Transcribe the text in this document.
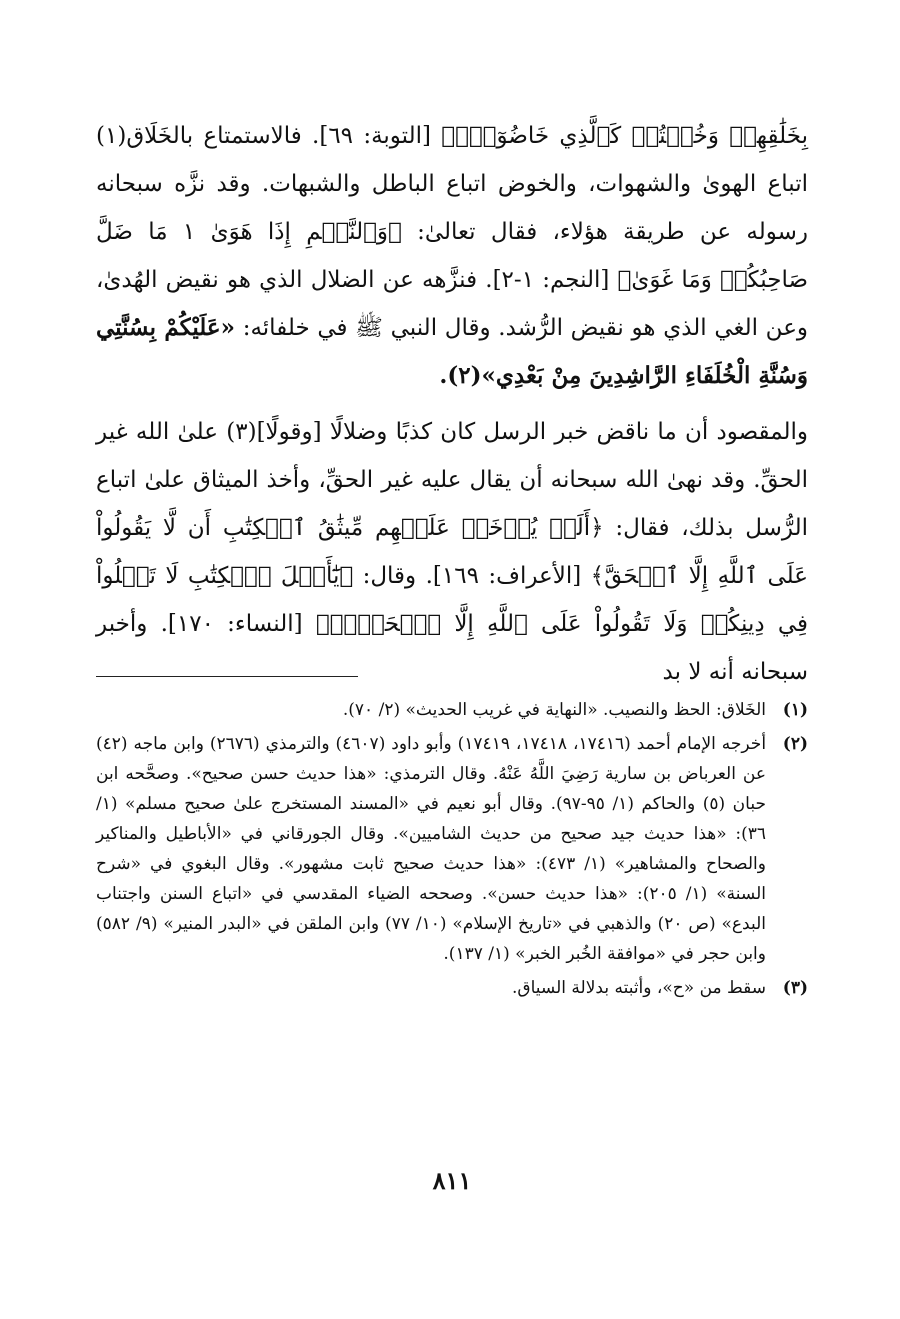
بِخَلَٰقِهِمۡ وَخُضۡتُمۡ كَٱلَّذِي خَاضُوٓاْۚ﴾ [التوبة: ٦٩]. فالاستمتاع بالخَلَاق(١) اتباع الهوىٰ والشهوات، والخوض اتباع الباطل والشبهات. وقد نزَّه سبحانه رسوله عن طريقة هؤلاء، فقال تعالىٰ: ﴿وَٱلنَّجۡمِ إِذَا هَوَىٰ ١ مَا ضَلَّ صَاحِبُكُمۡ وَمَا غَوَىٰ﴾ [النجم: ١-٢]. فنزَّهه عن الضلال الذي هو نقيض الهُدىٰ، وعن الغي الذي هو نقيض الرُّشد. وقال النبي ﷺ في خلفائه: «عَلَيْكُمْ بِسُنَّتِي وَسُنَّةِ الْخُلَفَاءِ الرَّاشِدِينَ مِنْ بَعْدِي»(٢).

والمقصود أن ما ناقض خبر الرسل كان كذبًا وضلالًا [وقولًا](٣) علىٰ الله غير الحقِّ. وقد نهىٰ الله سبحانه أن يقال عليه غير الحقِّ، وأخذ الميثاق علىٰ اتباع الرُّسل بذلك، فقال: ﴿أَلَمۡ يُؤۡخَذۡ عَلَيۡهِم مِّيثَٰقُ ٱلۡكِتَٰبِ أَن لَّا يَقُولُواْ عَلَى ٱللَّهِ إِلَّا ٱلۡحَقَّ﴾ [الأعراف: ١٦٩]. وقال: ﴿يَٰٓأَهۡلَ ٱلۡكِتَٰبِ لَا تَغۡلُواْ فِي دِينِكُمۡ وَلَا تَقُولُواْ عَلَى ٱللَّهِ إِلَّا ٱلۡحَقَّۚ﴾ [النساء: ١٧٠]. وأخبر سبحانه أنه لا بد

(١)
الخَلاق: الحظ والنصيب. «النهاية في غريب الحديث» (٢/ ٧٠).
(٢)
أخرجه الإمام أحمد (١٧٤١٦، ١٧٤١٨، ١٧٤١٩) وأبو داود (٤٦٠٧) والترمذي (٢٦٧٦) وابن ماجه (٤٢) عن العرباض بن سارية رَضِيَ اللَّهُ عَنْهُ. وقال الترمذي: «هذا حديث حسن صحيح». وصحَّحه ابن حبان (٥) والحاكم (١/ ٩٥-٩٧). وقال أبو نعيم في «المسند المستخرج علىٰ صحيح مسلم» (١/ ٣٦): «هذا حديث جيد صحيح من حديث الشاميين». وقال الجورقاني في «الأباطيل والمناكير والصحاح والمشاهير» (١/ ٤٧٣): «هذا حديث صحيح ثابت مشهور». وقال البغوي في «شرح السنة» (١/ ٢٠٥): «هذا حديث حسن». وصححه الضياء المقدسي في «اتباع السنن واجتناب البدع» (ص ٢٠) والذهبي في «تاريخ الإسلام» (١٠/ ٧٧) وابن الملقن في «البدر المنير» (٩/ ٥٨٢) وابن حجر في «موافقة الخُبر الخبر» (١/ ١٣٧).
(٣)
سقط من «ح»، وأثبته بدلالة السياق.
٨١١
